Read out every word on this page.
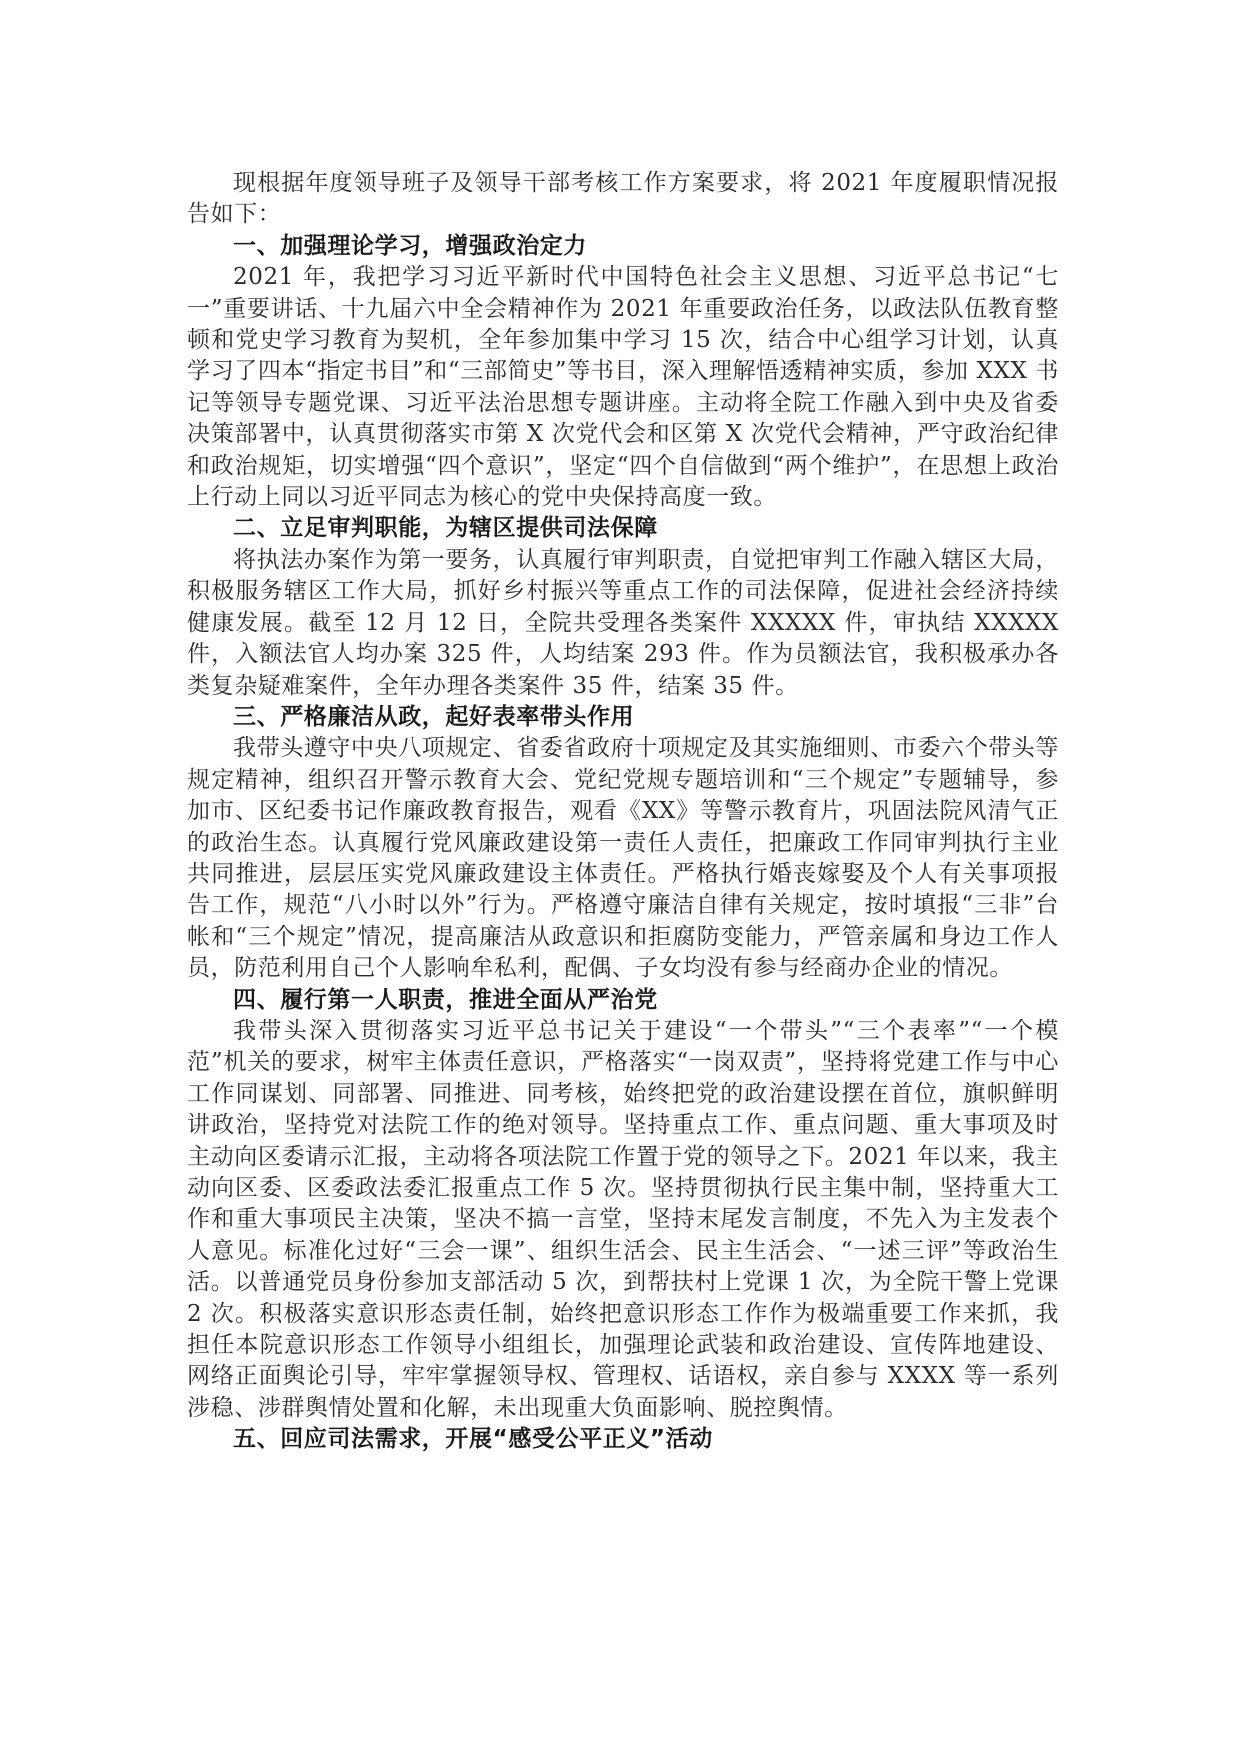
现根据年度领导班子及领导干部考核工作方案要求，将 2021 年度履职情况报告如下：

一、加强理论学习，增强政治定力

2021 年，我把学习习近平新时代中国特色社会主义思想、习近平总书记“七一”重要讲话、十九届六中全会精神作为 2021 年重要政治任务，以政法队伍教育整顿和党史学习教育为契机，全年参加集中学习 15 次，结合中心组学习计划，认真学习了四本“指定书目”和“三部简史”等书目，深入理解悟透精神实质，参加 XXX 书记等领导专题党课、习近平法治思想专题讲座。主动将全院工作融入到中央及省委决策部署中，认真贯彻落实市第 X 次党代会和区第 X 次党代会精神，严守政治纪律和政治规矩，切实增强“四个意识”，坚定“四个自信做到“两个维护”，在思想上政治上行动上同以习近平同志为核心的党中央保持高度一致。

二、立足审判职能，为辖区提供司法保障

将执法办案作为第一要务，认真履行审判职责，自觉把审判工作融入辖区大局，积极服务辖区工作大局，抓好乡村振兴等重点工作的司法保障，促进社会经济持续健康发展。截至 12 月 12 日，全院共受理各类案件 XXXXX 件，审执结 XXXXX 件，入额法官人均办案 325 件，人均结案 293 件。作为员额法官，我积极承办各类复杂疑难案件，全年办理各类案件 35 件，结案 35 件。

三、严格廉洁从政，起好表率带头作用

我带头遵守中央八项规定、省委省政府十项规定及其实施细则、市委六个带头等规定精神，组织召开警示教育大会、党纪党规专题培训和“三个规定”专题辅导，参加市、区纪委书记作廉政教育报告，观看《XX》等警示教育片，巩固法院风清气正的政治生态。认真履行党风廉政建设第一责任人责任，把廉政工作同审判执行主业共同推进，层层压实党风廉政建设主体责任。严格执行婚丧嫁娶及个人有关事项报告工作，规范“八小时以外”行为。严格遵守廉洁自律有关规定，按时填报“三非”台帐和“三个规定”情况，提高廉洁从政意识和拒腐防变能力，严管亲属和身边工作人员，防范利用自己个人影响牟私利，配偶、子女均没有参与经商办企业的情况。

四、履行第一人职责，推进全面从严治党

我带头深入贯彻落实习近平总书记关于建设“一个带头”“三个表率”“一个模范”机关的要求，树牢主体责任意识，严格落实“一岗双责”，坚持将党建工作与中心工作同谋划、同部署、同推进、同考核，始终把党的政治建设摆在首位，旗帜鲜明讲政治，坚持党对法院工作的绝对领导。坚持重点工作、重点问题、重大事项及时主动向区委请示汇报，主动将各项法院工作置于党的领导之下。2021 年以来，我主动向区委、区委政法委汇报重点工作 5 次。坚持贯彻执行民主集中制，坚持重大工作和重大事项民主决策，坚决不搞一言堂，坚持末尾发言制度，不先入为主发表个人意见。标准化过好“三会一课”、组织生活会、民主生活会、“一述三评”等政治生活。以普通党员身份参加支部活动 5 次，到帮扶村上党课 1 次，为全院干警上党课 2 次。积极落实意识形态责任制，始终把意识形态工作作为极端重要工作来抓，我担任本院意识形态工作领导小组组长，加强理论武装和政治建设、宣传阵地建设、网络正面舆论引导，牢牢掌握领导权、管理权、话语权，亲自参与 XXXX 等一系列涉稳、涉群舆情处置和化解，未出现重大负面影响、脱控舆情。

五、回应司法需求，开展“感受公平正义”活动
